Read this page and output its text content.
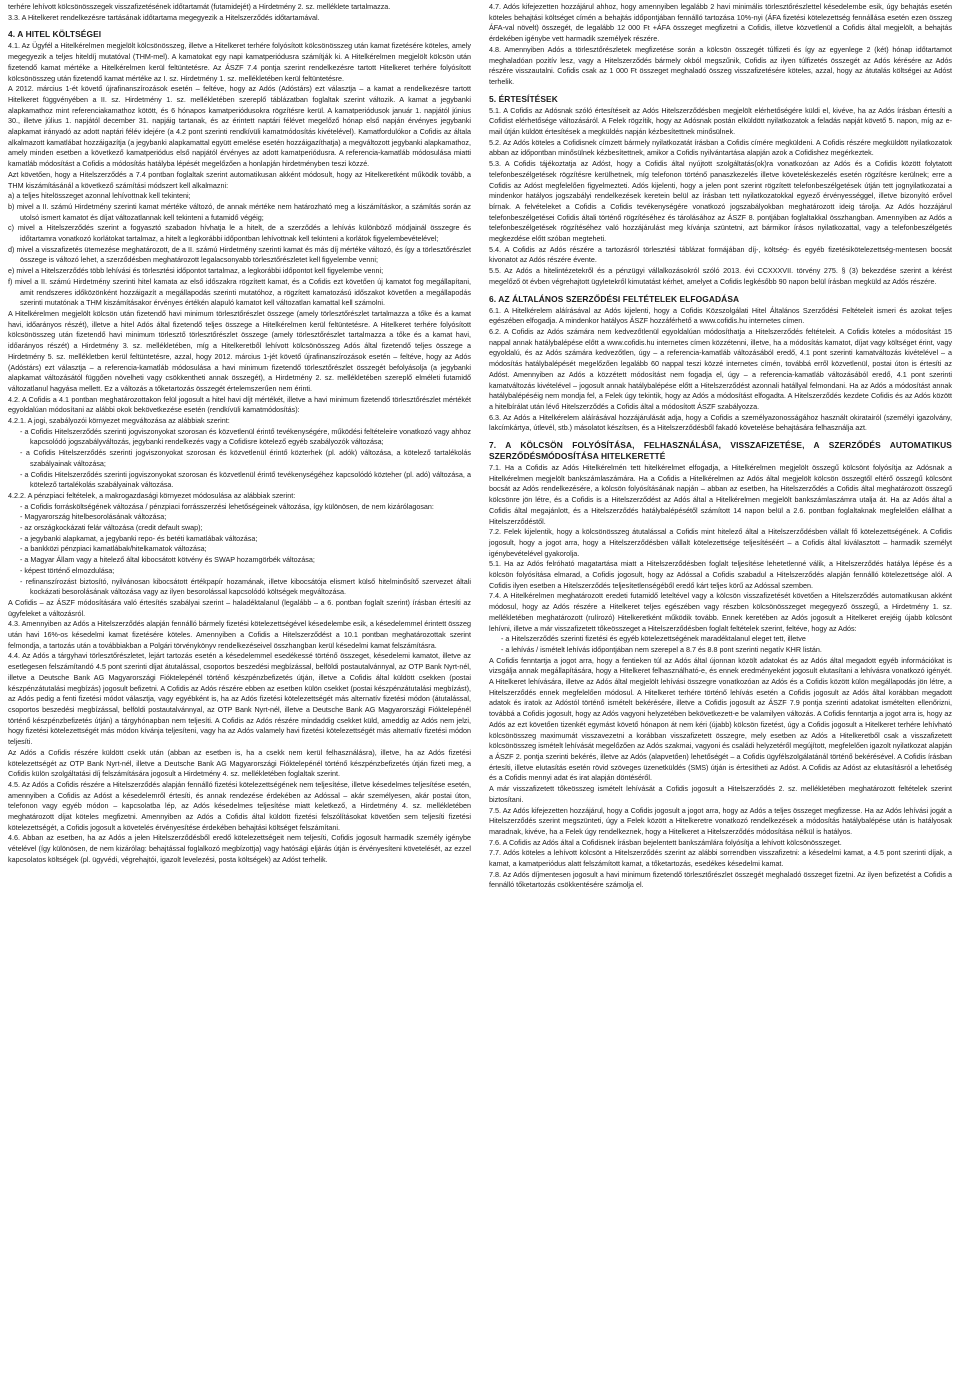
terhére lehívott kölcsönösszegek visszafizetésének időtartamát (futamidejét) a Hirdetmény 2. sz. melléklete tartalmazza.

3.3. A Hitelkeret rendelkezésre tartásának időtartama megegyezik a Hitelszerződés időtartamával.

4. A HITEL KÖLTSÉGEI

4.1. Az Ügyfél a Hitelkérelmen megjelölt kölcsönösszeg, illetve a Hitelkeret terhére folyósított kölcsönösszeg után kamat fizetésére köteles, amely megegyezik a teljes hiteldíj mutatóval (THM-mel). A kamatokat egy napi kamatperiódusra számítják ki. A Hitelkérelmen megjelölt kölcsön után fizetendő kamat mértéke a Hitelkérelmen kerül feltüntetésre. Az ÁSZF 7.4 pontja szerint rendelkezésre tartott Hitelkeret terhére folyósított kölcsönösszeg után fizetendő kamat mértéke az I. sz. Hirdetmény 1. sz. mellékletében kerül feltüntetésre.

A 2012. március 1-ét követő újrafinanszírozások esetén – feltéve, hogy az Adós (Adóstárs) ezt választja – a kamat a rendelkezésre tartott Hitelkeret függvényében a II. sz. Hirdetmény 1. sz. mellékletében szereplő táblázatban foglaltak szerint változik. A kamat a jegybanki alapkamathoz mint referenciakamathoz kötött, és 6 hónapos kamatperiódusokra rögzítésre kerül. A kamatperiódusok január 1. napjától június 30., illetve július 1. napjától december 31. napjáig tartanak, és az érintett naptári félévet megelőző hónap első napján érvényes jegybanki alapkamat irányadó az adott naptári félév idejére (a 4.2 pont szerinti rendkívüli kamatmódosítás kivételével). Kamatfordulókor a Cofidis az általa alkalmazott kamatlábat hozzáigazítja (a jegybanki alapkamattal együtt emelése esetén hozzáigazíthatja) a megváltozott jegybanki alapkamathoz, amely minden esetben a következő kamatperiódus első napjától érvényes az adott kamatperiódusra. A referencia-kamatláb módosulása miatti kamatláb módosítást a Cofidis a módosítás hatályba lépését megelőzően a honlapján hirdetményben teszi közzé.

Azt követően, hogy a Hitelszerződés a 7.4 pontban foglaltak szerint automatikusan akként módosult, hogy az Hitelkeretként működik tovább, a THM kiszámításánál a következő számítási módszert kell alkalmazni:

a) a teljes hitelösszeget azonnal lehívottnak kell tekinteni;

b) mivel a II. számú Hirdetmény szerinti kamat mértéke változó, de annak mértéke nem határozható meg a kiszámításkor, a számítás során az utolsó ismert kamatot és díjat változatlannak kell tekinteni a futamidő végéig;

c) mivel a Hitelszerződés szerint a fogyasztó szabadon hívhatja le a hitelt, de a szerződés a lehívás különböző módjainál összegre és időtartamra vonatkozó korlátokat tartalmaz, a hitelt a legkorábbi időpontban lehívottnak kell tekinteni a korlátok figyelembevételével;

d) mivel a visszafizetés ütemezése meghatározott, de a II. számú Hirdetmény szerinti kamat és más díj mértéke változó, és így a törlesztőrészlet összege is változó lehet, a szerződésben meghatározott legalacsonyabb törlesztőrészletet kell figyelembe venni;

e) mivel a Hitelszerződés több lehívási és törlesztési időpontot tartalmaz, a legkorábbi időpontot kell figyelembe venni;

f) mivel a II. számú Hirdetmény szerinti hitel kamata az első időszakra rögzített kamat, és a Cofidis ezt követően új kamatot fog megállapítani, amit rendszeres időközönként hozzáigazít a megállapodás szerinti mutatóhoz, a rögzített kamatozású időszakot követően a megállapodás szerinti mutatónak a THM kiszámításakor érvényes értékén alapuló kamatot kell változatlan kamattal kell számolni.

A Hitelkérelmen megjelölt kölcsön után fizetendő havi minimum törlesztőrészlet összege (amely törlesztőrészlet tartalmazza a tőke és a kamat havi, időarányos részét), illetve a hitel Adós által fizetendő teljes összege a Hitelkérelmen kerül feltüntetésre. A Hitelkeret terhére folyósított kölcsönösszeg után fizetendő havi minimum törlesztő törlesztőrészlet összege (amely törlesztőrészlet tartalmazza a tőke és a kamat havi, időarányos részét) a Hirdetmény 3. sz. mellékletében, míg a Hitelkeretből lehívott kölcsönösszeg Adós által fizetendő teljes összege a Hirdetmény 5. sz. mellékletben kerül feltüntetésre, azzal, hogy 2012. március 1-jét követő újrafinanszírozások esetén – feltéve, hogy az Adós (Adóstárs) ezt választja – a referencia-kamatláb módosulása a havi minimum fizetendő törlesztőrészlet összegét befolyásolja (a jegybanki alapkamat változásától függően növelheti vagy csökkentheti annak összegét), a Hirdetmény 2. sz. mellékletében szereplő elméleti futamidő változatlanul hagyása mellett. Ez a változás a tőketartozás összegét értelemszerűen nem érinti.

4.2. A Cofidis a 4.1 pontban meghatározottakon felül jogosult a hitel havi díjt mértékét, illetve a havi minimum fizetendő törlesztőrészlet mértékét egyoldalúan módosítani az alábbi okok bekövetkezése esetén (rendkívüli kamatmódosítás):

4.2.1. A jogi, szabályozói környezet megváltozása az alábbiak szerint:

- a Cofidis Hitelszerződés szerinti jogviszonyokat szorosan és közvetlenül érintő tevékenységére, működési feltételeire vonatkozó vagy ahhoz kapcsolódó jogszabályváltozás, jegybanki rendelkezés vagy a Cofidisre kötelező egyéb szabályozók változása;

- a Cofidis Hitelszerződés szerinti jogviszonyokat szorosan és közvetlenül érintő közterhek (pl. adók) változása, a kötelező tartalékolás szabályainak változása;

- a Cofidis Hitelszerződés szerinti jogviszonyokat szorosan és közvetlenül érintő tevékenységéhez kapcsolódó közteher (pl. adó) változása, a kötelező tartalékolás szabályainak változása.

4.2.2. A pénzpiaci feltételek, a makrogazdasági környezet módosulása az alábbiak szerint:

- a Cofidis forrásköltségének változása / pénzpiaci forrásszerzési lehetőségeinek változása, így különösen, de nem kizárólagosan:

- Magyarország hitelbesorolásának változása;

- az országkockázati felár változása (credit default swap);

- a jegybanki alapkamat, a jegybanki repo- és betéti kamatlábak változása;

- a bankközi pénzpiaci kamatlábak/hitelkamatok változása;

- a Magyar Állam vagy a hitelező által kibocsátott kötvény és SWAP hozamgörbék változása;

- képest történő elmozdulása;

- refinanszírozást biztosító, nyilvánosan kibocsátott értékpapír hozamának, illetve kibocsátója elismert külső hitelminősítő szervezet általi kockázati besorolásának változása vagy az ilyen besorolással kapcsolódó költségek megváltozása.

A Cofidis – az ÁSZF módosítására való értesítés szabályai szerint – haladéktalanul (legalább – a 6. pontban foglalt szerint) írásban értesíti az ügyfeleket a változásról.

4.3. Amennyiben az Adós a Hitelszerződés alapján fennálló bármely fizetési kötelezettségével késedelembe esik, a késedelemmel érintett összeg után havi 16%-os késedelmi kamat fizetésére köteles. Amennyiben a Cofidis a Hitelszerződést a 10.1 pontban meghatározottak szerint felmondja, a tartozás után a továbbiakban a Polgári törvénykönyv rendelkezéseivel összhangban kerül késedelmi kamat felszámításra.

4.4. Az Adós a tárgyhavi törlesztőrészletet, lejárt tartozás esetén a késedelemmel esedékessé történő összeget, késedelemi kamatot, illetve az esetlegesen felszámítandó 4.5 pont szerinti díjat átutalással, csoportos beszedési megbízással, belföldi postautalvánnyal, az OTP Bank Nyrt-nél, illetve a Deutsche Bank AG Magyarországi Fióktelepénél történő készpénzbefizetés útján, illetve a Cofidis által küldött csekken (postai készpénzátutalási megbízás) jogosult befizetni. A Cofidis az Adós részére ebben az esetben külön csekket (postai készpénzátutalási megbízást), az Adós pedig a fenti fizetési módot választja, vagy egyébként is, ha az Adós fizetési kötelezettségét más alternatív fizetési módon (átutalással, csoportos beszedési megbízással, belföldi postautalvánnyal, az OTP Bank Nyrt-nél, illetve a Deutsche Bank AG Magyarországi Fióktelepénél történő készpénzbefizetés útján) a tárgyhónapban nem teljesíti. A Cofidis az Adós részére mindaddig csekket küld, ameddig az Adós nem jelzi, hogy fizetési kötelezettségét más módon kívánja teljesíteni, vagy ha az Adós valamely havi fizetési kötelezettségét más alternatív fizetési módon teljesíti.

Az Adós a Cofidis részére küldött csekk után (abban az esetben is, ha a csekk nem kerül felhasználásra), illetve, ha az Adós fizetési kötelezettségét az OTP Bank Nyrt-nél, illetve a Deutsche Bank AG Magyarországi Fióktelepénél történő készpénzbefizetés útján fizeti meg, a Cofidis külön szolgáltatási díj felszámítására jogosult a Hirdetmény 4. sz. mellékletében foglaltak szerint.

4.5. Az Adós a Cofidis részére a Hitelszerződés alapján fennálló fizetési kötelezettségének nem teljesítése, illetve késedelmes teljesítése esetén, amennyiben a Cofidis az Adóst a késedelemről értesíti, és annak rendezése érdekében az Adóssal – akár személyesen, akár postai úton, telefonon vagy egyéb módon – kapcsolatba lép, az Adós késedelmes teljesítése miatt keletkező, a Hirdetmény 4. sz. mellékletében meghatározott díjat köteles megfizetni. Amennyiben az Adós a Cofidis által küldött fizetési felszólításokat követően sem teljesíti fizetési kötelezettségét, a Cofidis jogosult a követelés érvényesítése érdekében behajtási költséget felszámítani.

4.6. Abban az esetben, ha az Adós a jelen Hitelszerződésből eredő kötelezettségeit nem teljesíti, Cofidis jogosult harmadik személy igénybe vételével (így különösen, de nem kizárólag: behajtással foglalkozó megbízottja) vagy hatósági eljárás útján is érvényesíteni követelését, az ezzel kapcsolatos költségek (pl. ügyvédi, végrehajtói, igazolt levelezési, posta költségek) az Adóst terhelik.

4.7. Adós kifejezetten hozzájárul ahhoz, hogy amennyiben legalább 2 havi minimális törlesztőrészlettel késedelembe esik, úgy behajtás esetén köteles behajtási költséget címén a behajtás időpontjában fennálló tartozása 10%-nyi (ÁFA fizetési kötelezettség fennállása esetén ezen összeg ÁFA-val növelt) összegét, de legalább 12 000 Ft +ÁFA összeget megfizetni a Cofidis, illetve közvetlenül a Cofidis által megjelölt, a behajtás érdekében igénybe vett harmadik személyek részére.

4.8. Amennyiben Adós a törlesztőrészletek megfizetése során a kölcsön összegét túlfizeti és így az egyenlege 2 (két) hónap időtartamot meghaladóan pozitív lesz, vagy a Hitelszerződés bármely okból megszűnik, Cofidis az ilyen túlfizetés összegét az Adós kérésére az Adós részére visszautalni. Cofidis csak az 1 000 Ft összeget meghaladó összeg visszafizetésére köteles, azzal, hogy az átutalás költségei az Adóst terhelik.

5. ÉRTESÍTÉSEK

5.1. A Cofidis az Adósnak szóló értesítéseit az Adós Hitelszerződésben megjelölt elérhetőségére küldi el, kivéve, ha az Adós írásban értesíti a Cofidist elérhetősége változásáról. A Felek rögzítik, hogy az Adósnak postán elküldött nyilatkozatok a feladás napját követő 5. napon, míg az e-mail útján küldött értesítések a megküldés napján kézbesítettnek minősülnek.

5.2. Az Adós köteles a Cofidisnek címzett bármely nyilatkozatát írásban a Cofidis címére megküldeni. A Cofidis részére megküldött nyilatkozatok abban az időpontban minősülnek kézbesítettnek, amikor a Cofidis nyilvántartása alapján azok a Cofidishez megérkeztek.

5.3. A Cofidis tájékoztatja az Adóst, hogy a Cofidis által nyújtott szolgáltatás(ok)ra vonatkozóan az Adós és a Cofidis között folytatott telefonbeszélgetések rögzítésre kerülhetnek, míg telefonon történő panaszkezelés illetve követeléskezelés esetén rögzítésre kerülnek; erre a Cofidis az Adóst megfelelően figyelmezteti. Adós kijelenti, hogy a jelen pont szerint rögzített telefonbeszélgetések útján tett jognyilatkozatai a mindenkor hatályos jogszabályi rendelkezések keretein belül az írásban tett nyilatkozatokkal egyező érvényességgel, illetve bizonyító erővel bírnak. A felvételeket a Cofidis a Cofidis tevékenységére vonatkozó jogszabályokban meghatározott ideig tárolja. Az Adós hozzájárul telefonbeszélgetései Cofidis általi történő rögzítéséhez és tárolásához az ÁSZF 8. pontjában foglaltakkal összhangban. Amennyiben az Adós a telefonbeszélgetések rögzítéséhez való hozzájárulást meg kívánja szüntetni, azt bármikor írásos nyilatkozattal, vagy a telefonbeszélgetés megkezdése előtt szóban megteheti.

5.4. A Cofidis az Adós részére a tartozásról törlesztési táblázat formájában díj-, költség- és egyéb fizetésikötelezettség-mentesen bocsát kivonatot az Adós részére évente.

5.5. Az Adós a hitelintézetekről és a pénzügyi vállalkozásokról szóló 2013. évi CCXXXVII. törvény 275. § (3) bekezdése szerint a kérést megelőző öt évben végrehajtott ügyletekről kimutatást kérhet, amelyet a Cofidis legkésőbb 90 napon belül írásban megküld az Adós részére.

6. AZ ÁLTALÁNOS SZERZŐDÉSI FELTÉTELEK ELFOGADÁSA

6.1. A Hitelkérelem aláírásával az Adós kijelenti, hogy a Cofidis Közszolgálati Hitel Általános Szerződési Feltételeit ismeri és azokat teljes egészében elfogadja. A mindenkor hatályos ÁSZF hozzáférhető a www.cofidis.hu internetes címen.

6.2. A Cofidis az Adós számára nem kedvezőtlenül egyoldalúan módosíthatja a Hitelszerződés feltételeit. A Cofidis köteles a módosítást 15 nappal annak hatálybalépése előtt a www.cofidis.hu internetes címen közzétenni, illetve, ha a módosítás kamatot, díjat vagy költséget érint, vagy egyoldalú, és az Adós számára kedvezőtlen, úgy – a referencia-kamatláb változásából eredő, 4.1 pont szerinti kamatváltozás kivételével – a módosítás hatálybalépését megelőzően legalább 60 nappal teszi közzé internetes címén, továbbá erről közvetlenül, postai úton is értesíti az Adóst. Amennyiben az Adós a közzétett módosítást nem fogadja el, úgy – a referencia-kamatláb változásából eredő, 4.1 pont szerinti kamatváltozás kivételével – jogosult annak hatálybalépése előtt a Hitelszerződést azonnali hatállyal felmondani. Ha az Adós a módosítást annak hatálybalépéséig nem mondja fel, a Felek úgy tekintik, hogy az Adós a módosítást elfogadta. A Hitelszerződés kezdete Cofidis és az Adós között a hitelbírálat után lévő Hitelszerződés a Cofidis által a módosított ÁSZF szabályozza.

6.3. Az Adós a Hitelkérelem aláírásával hozzájárulását adja, hogy a Cofidis a személyazonosságához használt okiratairól (személyi igazolvány, lakcímkártya, útlevél, stb.) másolatot készítsen, és a Hitelszerződésből fakadó követelése behajtására felhasználja azt.

7. A KÖLCSÖN FOLYÓSÍTÁSA, FELHASZNÁLÁSA, VISSZAFIZETÉSE, A SZERZŐDÉS AUTOMATIKUS SZERZŐDÉSMÓDOSÍTÁSA HITELKERETTÉ

7.1. Ha a Cofidis az Adós Hitelkérelmén tett hitelkérelmet elfogadja, a Hitelkérelmen megjelölt összegű kölcsönt folyósítja az Adósnak a Hitelkérelmen megjelölt bankszámlaszámára. Ha a Cofidis a Hitelkérelmen az Adós által megjelölt kölcsön összegtől eltérő összegű kölcsönt bocsát az Adós rendelkezésére, a kölcsön folyósításának napján – abban az esetben, ha Hitelszerződés a Cofidis által meghatározott összegű kölcsönre jön létre, és a Cofidis is a Hitelszerződést az Adós által a Hitelkérelmen megjelölt bankszámlaszámra utalja át. Ha az Adós által a Cofidis által megajánlott, és a Hitelszerződés hatálybalépésétől számított 14 napon belül a 2.6. pontban foglaltaknak megfelelően elállhat a Hitelszerződéstől.

7.2. Felek kijelentik, hogy a kölcsönösszeg átutalással a Cofidis mint hitelező által a Hitelszerződésben vállalt fő kötelezettségének. A Cofidis jogosult, hogy a jogot arra, hogy a Hitelszerződésben vállalt kötelezettsége teljesítéséért – a Cofidis által kiválasztott – harmadik személyt igénybevételével gyakorolja.

5.1. Ha az Adós felróható magatartása miatt a Hitelszerződésben foglalt teljesítése lehetetlenné válik, a Hitelszerződés hatálya lépése és a kölcsön folyósítása elmarad, a Cofidis jogosult, hogy az Adóssal a Cofidis szabadul a Hitelszerződés alapján fennálló kötelezettsége alól. A Cofidis ilyen esetben a Hitelszerződés teljesítetlenségéből eredő kárt teljes körű az Adóssal szemben.

7.4. A Hitelkérelmen meghatározott eredeti futamidő leteltével vagy a kölcsön visszafizetését követően a Hitelszerződés automatikusan akként módosul, hogy az Adós részére a Hitelkeret teljes egészében vagy részben kölcsönösszeget megegyező összegű, a Hirdetmény 1. sz. mellékletében meghatározott (rulírozó) Hitelkeretként működik tovább. Ennek keretében az Adós jogosult a Hitelkeret erejéig újabb kölcsönt lehívni, illetve a már visszafizetett tőkeösszeget a Hitelszerződésben foglalt feltételek szerint, feltéve, hogy az Adós:

- a Hitelszerződés szerinti fizetési és egyéb kötelezettségének maradéktalanul eleget tett, illetve

- a lehívás / ismételt lehívás időpontjában nem szerepel a 8.7 és 8.8 pont szerinti negatív KHR listán.

A Cofidis fenntartja a jogot arra, hogy a fentieken túl az Adós által újonnan közölt adatokat és az Adós által megadott egyéb információkat is vizsgálja annak megállapítására, hogy a Hitelkeret felhasználható-e, és ennek eredményeként jogosult elutasítani a lehívásra vonatkozó igényét. A Hitelkeret lehívására, illetve az Adós által megjelölt lehívási összegre vonatkozóan az Adós és a Cofidis között külön megállapodás jön létre, a Hitelszerződés ennek megfelelően módosul. A Hitelkeret terhére történő lehívás esetén a Cofidis jogosult az Adós által korábban megadott adatok és iratok az Adóstól történő ismételt bekérésére, illetve a Cofidis jogosult az ÁSZF 7.9 pontja szerinti adatokat ismételten ellenőrizni, továbbá a Cofidis jogosult, hogy az Adós vagyoni helyzetében bekövetkezett-e be valamilyen változás. A Cofidis fenntartja a jogot arra is, hogy az Adós az ezt követően tizenkét egymást követő hónapon át nem kéri (újabb) kölcsön fizetést, úgy a Cofidis jogosult a Hitelkeret terhére lehívható kölcsönösszeg maximumát visszavezetni a korábban visszafizetett összegre, mely esetben az Adós a Hitelkeretből csak a visszafizetett kölcsönösszeg ismételt lehívását megelőzően az Adós szakmai, vagyoni és családi helyzetéről megújított, megfelelően igazolt nyilatkozat alapján a ÁSZF 2. pontja szerinti bekérés, illetve az Adós (alapvetően) lehetőségét – a Cofidis ügyfélszolgálatánál történő bekérésével. A Cofidis írásban értesíti, illetve elutasítás esetén rövid szöveges üzenetküldés (SMS) útján is értesítheti az Adóst. A Cofidis az Adóst az elutasításról a lehetőség és a Cofidis mennyi adat és irat alapján döntéséről.

A már visszafizetett tőkeösszeg ismételt lehívását a Cofidis jogosult a Hitelszerződés 2. sz. mellékletében meghatározott feltételek szerint biztosítani.

7.5. Az Adós kifejezetten hozzájárul, hogy a Cofidis jogosult a jogot arra, hogy az Adós a teljes összeget megfizesse. Ha az Adós lehívási jogát a Hitelszerződés szerint megszünteti, úgy a Felek között a Hitelkeretre vonatkozó rendelkezések a módosítás hatálybalépése után is hatályosak maradnak, kivéve, ha a Felek úgy rendelkeznek, hogy a Hitelkeret a Hitelszerződés módosítása nélkül is hatályos.

7.6. A Cofidis az Adós által a Cofidisnek írásban bejelentett bankszámlára folyósítja a lehívott kölcsönösszeget.

7.7. Adós köteles a lehívott kölcsönt a Hitelszerződés szerint az alábbi sorrendben visszafizetni: a késedelmi kamat, a 4.5 pont szerinti díjak, a kamat, a kamatperiódus alatt felszámított kamat, a tőketartozás, esedékes késedelmi kamat.

7.8. Az Adós díjmentesen jogosult a havi minimum fizetendő törlesztőrészlet összegét meghaladó összeget fizetni. Az ilyen befizetést a Cofidis a fennálló tőketartozás csökkentésére számolja el.
